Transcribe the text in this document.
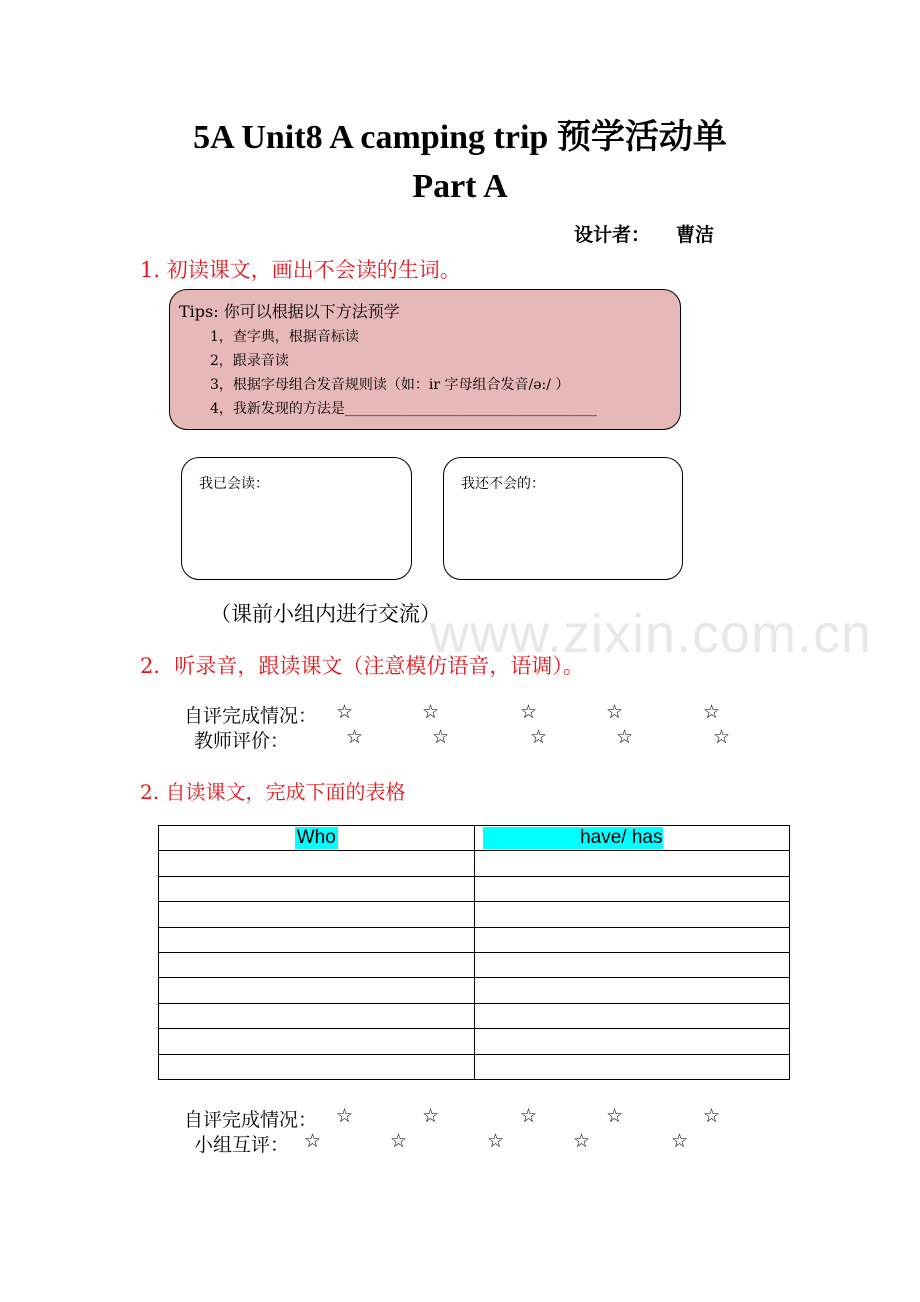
5A Unit8 A camping trip 预学活动单
Part A
设计者： 曹洁
1. 初读课文，画出不会读的生词。
Tips: 你可以根据以下方法预学
1，查字典，根据音标读
2，跟录音读
3，根据字母组合发音规则读（如：ir 字母组合发音/ə:/ ）
4，我新发现的方法是____________________________________
我已会读：	我还不会的：
（课前小组内进行交流）
www.zixin.com.cn
2．听录音，跟读课文（注意模仿语音，语调）。
自评完成情况： ☆	☆	☆	☆	☆
教师评价：	☆	☆	☆	☆	☆
2. 自读课文，完成下面的表格
Who	have/ has

自评完成情况： ☆	☆	☆	☆	☆
小组互评： ☆	☆	☆	☆	☆
